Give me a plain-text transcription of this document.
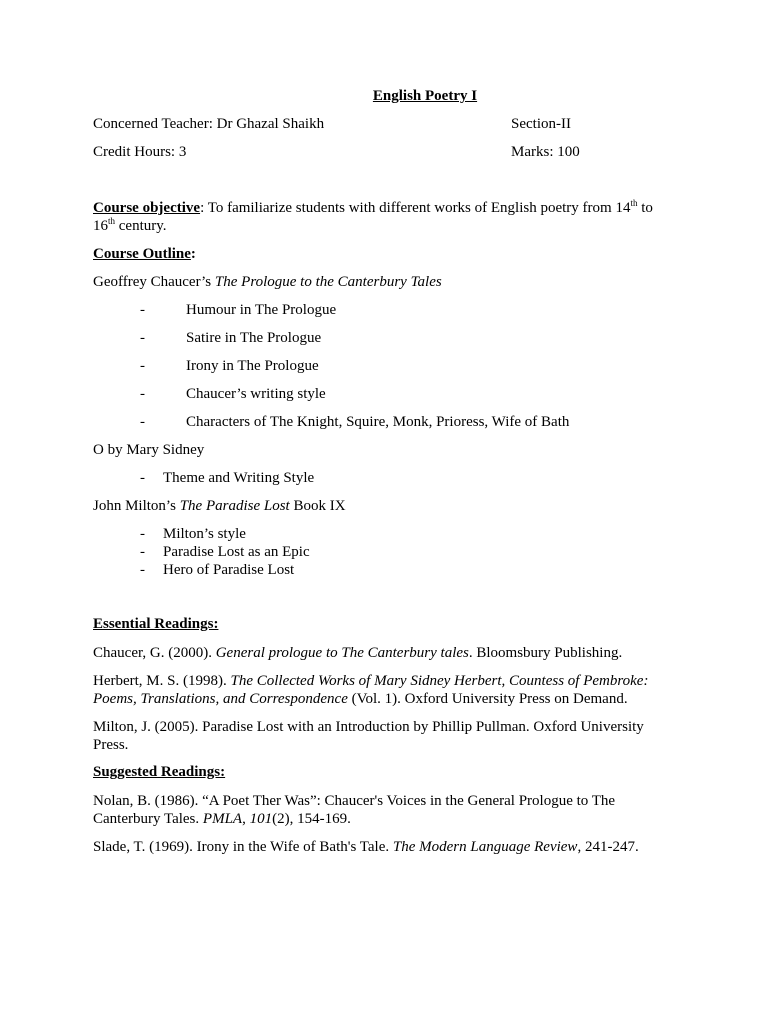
English Poetry I
Concerned Teacher: Dr Ghazal Shaikh	Section-II
Credit Hours: 3	Marks: 100
Course objective: To familiarize students with different works of English poetry from 14th to
16th century.
Course Outline:
Geoffrey Chaucer’s The Prologue to the Canterbury Tales
-	Humour in The Prologue
-	Satire in The Prologue
-	Irony in The Prologue
-	Chaucer’s writing style
-	Characters of The Knight, Squire, Monk, Prioress, Wife of Bath
O by Mary Sidney
- Theme and Writing Style
John Milton’s The Paradise Lost Book IX
- Milton’s style
- Paradise Lost as an Epic
- Hero of Paradise Lost
Essential Readings:
Chaucer, G. (2000). General prologue to The Canterbury tales. Bloomsbury Publishing.
Herbert, M. S. (1998). The Collected Works of Mary Sidney Herbert, Countess of Pembroke:
Poems, Translations, and Correspondence (Vol. 1). Oxford University Press on Demand.
Milton, J. (2005). Paradise Lost with an Introduction by Phillip Pullman. Oxford University
Press.
Suggested Readings:
Nolan, B. (1986). “A Poet Ther Was”: Chaucer's Voices in the General Prologue to The
Canterbury Tales. PMLA, 101(2), 154-169.
Slade, T. (1969). Irony in the Wife of Bath's Tale. The Modern Language Review, 241-247.
